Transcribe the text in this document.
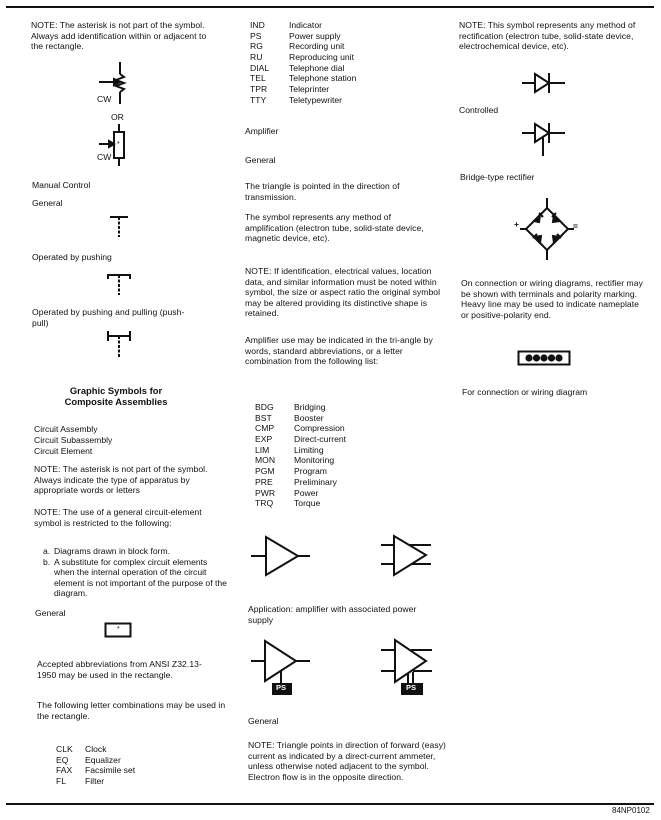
84NP0102
NOTE: The asterisk is not part of the symbol. Always add identification within or adjacent to the rectangle.
CW
OR
*
CW
Manual Control
General
Operated by pushing
Operated by pushing and pulling (push-pull)
Graphic Symbols for
Composite Assemblies
Circuit Assembly
Circuit Subassembly
Circuit Element
NOTE: The asterisk is not part of the symbol. Always indicate the type of apparatus by appropriate words or letters
NOTE: The use of a general circuit-element symbol is restricted to the following:
a. Diagrams drawn in block form.
b. A substitute for complex circuit elements when the internal operation of the circuit element is not important of the purpose of the diagram.
General
*
Accepted abbreviations from ANSI Z32.13-1950 may be used in the rectangle.
The following letter combinations may be used in the rectangle.
CLK	Clock
EQ	Equalizer
FAX	Facsimile set
FL	Filter
IND	Indicator
PS	Power supply
RG	Recording unit
RU	Reproducing unit
DIAL	Telephone dial
TEL	Telephone station
TPR	Teleprinter
TTY	Teletypewriter
Amplifier
General
The triangle is pointed in the direction of transmission.
The symbol represents any method of amplification (electron tube, solid-state device, magnetic device, etc).
NOTE: If identification, electrical values, location data, and similar information must be noted within symbol, the size or aspect ratio the original symbol may be altered providing its distinctive shape is retained.
Amplifier use may be indicated in the tri-angle by words, standard abbreviations, or a letter combination from the following list:
BDG	Bridging
BST	Booster
CMP	Compression
EXP	Direct-current
LIM	Limiting
MON	Monitoring
PGM	Program
PRE	Preliminary
PWR	Power
TRQ	Torque
Application: amplifier with associated power supply
PS	PS
General
NOTE: Triangle points in direction of forward (easy) current as indicated by a direct-current ammeter, unless otherwise noted adjacent to the symbol. Electron flow is in the opposite direction.
NOTE: This symbol represents any method of rectification (electron tube, solid-state device, electrochemical device, etc).
Controlled
Bridge-type rectifier
+	=
On connection or wiring diagrams, rectifier may be shown with terminals and polarity marking. Heavy line may be used to indicate nameplate or positive-polarity end.
For connection or wiring diagram
